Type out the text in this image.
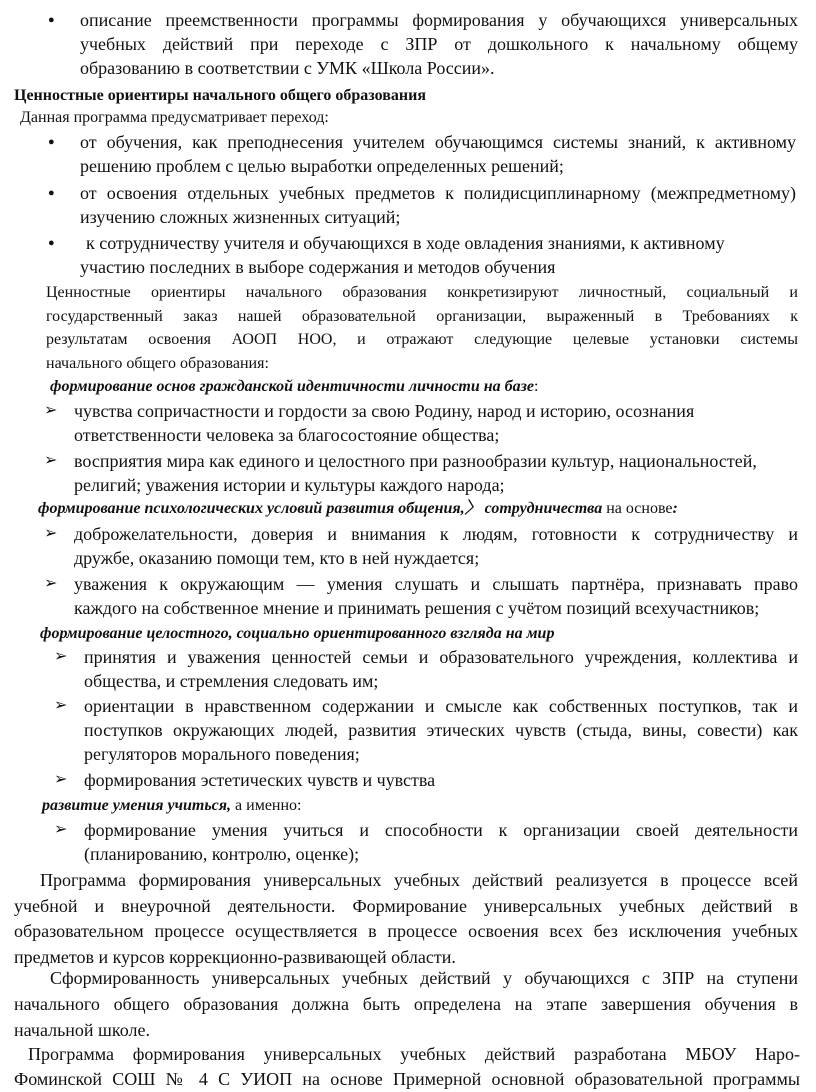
● описание преемственности программы формирования у обучающихся универсальных
учебных действий при переходе с ЗПР от дошкольного к начальному общему
образованию в соответствии с УМК «Школа России».
Ценностные ориентиры начального общего образования
Данная программа предусматривает переход:
● от обучения, как преподнесения учителем обучающимся системы знаний, к активному
решению проблем с целью выработки определенных решений;
● от освоения отдельных учебных предметов к полидисциплинарному (межпредметному)
изучению сложных жизненных ситуаций;
● к сотрудничеству учителя и обучающихся в ходе овладения знаниями, к активному
участию последних в выборе содержания и методов обучения
Ценностные ориентиры начального образования конкретизируют личностный, социальный и
государственный заказ нашей образовательной организации, выраженный в Требованиях к
результатам освоения АООП НОО, и отражают следующие целевые установки системы
начального общего образования:
формирование основ гражданской идентичности личности на базе:
➢ чувства сопричастности и гордости за свою Родину, народ и историю, осознания
ответственности человека за благосостояние общества;
➢ восприятия мира как единого и целостного при разнообразии культур, национальностей,
религий; уважения истории и культуры каждого народа;
формирование психологических условий развития общения,〉 сотрудничества на основе:
➢ доброжелательности, доверия и внимания к людям, готовности к сотрудничеству и
дружбе, оказанию помощи тем, кто в ней нуждается;
➢ уважения к окружающим — умения слушать и слышать партнёра, признавать право
каждого на собственное мнение и принимать решения с учётом позиций всехучастников;
формирование целостного, социально ориентированного взгляда на мир
➢ принятия и уважения ценностей семьи и образовательного учреждения, коллектива и
общества, и стремления следовать им;
➢ ориентации в нравственном содержании и смысле как собственных поступков, так и
поступков окружающих людей, развития этических чувств (стыда, вины, совести) как
регуляторов морального поведения;
➢ формирования эстетических чувств и чувства
развитие умения учиться, а именно:
➢ формирование умения учиться и способности к организации своей деятельности
(планированию, контролю, оценке);
Программа формирования универсальных учебных действий реализуется в процессе всей
учебной и внеурочной деятельности. Формирование универсальных учебных действий в
образовательном процессе осуществляется в процессе освоения всех без исключения учебных
предметов и курсов коррекционно-развивающей области.
Сформированность универсальных учебных действий у обучающихся с ЗПР на ступени
начального общего образования должна быть определена на этапе завершения обучения в
начальной школе.
Программа формирования универсальных учебных действий разработана МБОУ Наро-
Фоминской СОШ № 4 С УИОП на основе Примерной основной образовательной программы
